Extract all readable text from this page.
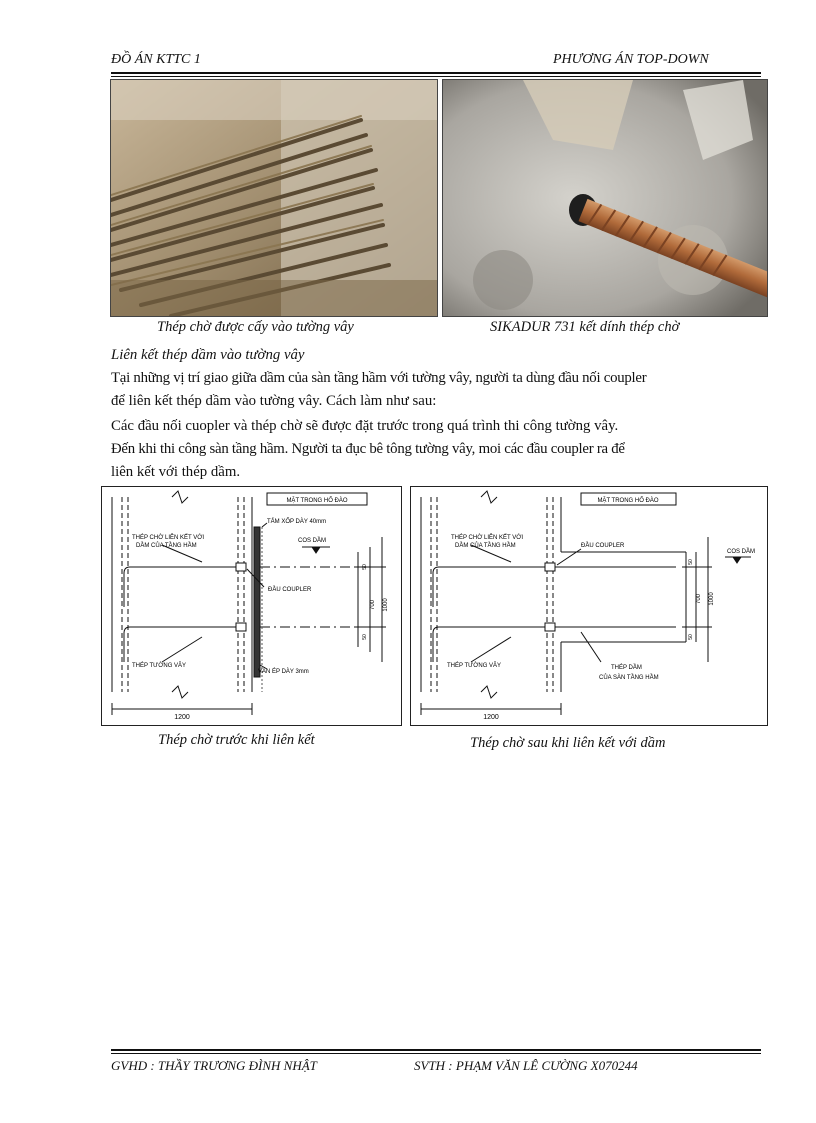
ĐỒ ÁN KTTC 1	PHƯƠNG ÁN TOP-DOWN
Thép chờ được cấy vào tường vây	SIKADUR 731 kết dính thép chờ
Liên kết thép dầm vào tường vây
Tại những vị trí giao giữa dầm của sàn tầng hầm với tường vây, người ta dùng đầu nối coupler
để liên kết thép dầm vào tường vây. Cách làm như sau:
Các đầu nối cuopler và thép chờ sẽ được đặt trước trong quá trình thi công tường vây.
Đến khi thi công sàn tầng hầm. Người ta đục bê tông tường vây, moi các đầu coupler ra để
liên kết với thép dầm.
MẶT TRONG HỐ ĐÀO
THÉP CHỜ LIÊN KẾT VỚI
DẦM CỦA TẦNG HẦM
TẤM XỐP DÀY 40mm
COS DẦM
ĐẦU COUPLER
THÉP TƯỜNG VÂY
VÁN ÉP DÀY 3mm
1200
700 1000
50
50
MẶT TRONG HỐ ĐÀO
THÉP CHỜ LIÊN KẾT VỚI
DẦM CỦA TẦNG HẦM	ĐẦU COUPLER
COS DẦM
THÉP TƯỜNG VÂY	THÉP DẦM
CỦA SÀN TẦNG HẦM
1200
700 1000
50
50
Thép chờ trước khi liên kết	Thép chờ sau khi liên kết với dầm
GVHD : THẦY TRƯƠNG ĐÌNH NHẬT	SVTH : PHẠM VĂN LÊ CƯỜNG X070244
